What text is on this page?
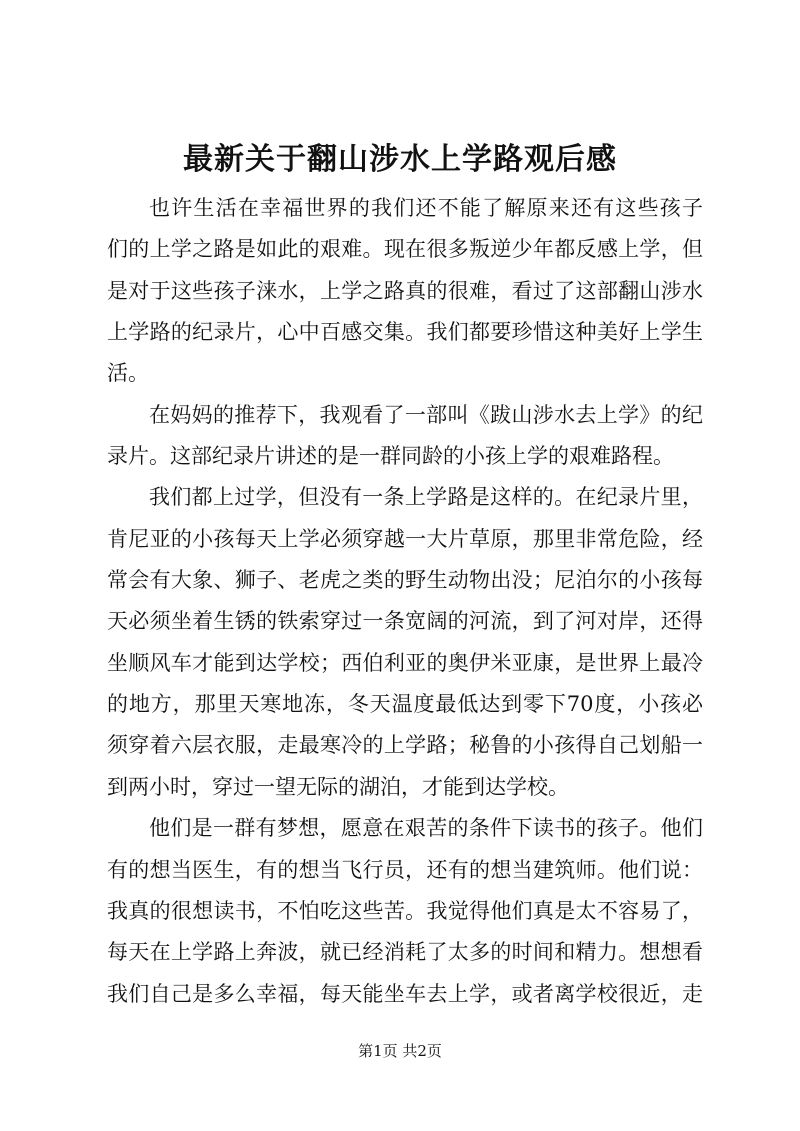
最新关于翻山涉水上学路观后感
也许生活在幸福世界的我们还不能了解原来还有这些孩子
们的上学之路是如此的艰难。现在很多叛逆少年都反感上学，但
是对于这些孩子涞水，上学之路真的很难，看过了这部翻山涉水
上学路的纪录片，心中百感交集。我们都要珍惜这种美好上学生
活。
在妈妈的推荐下，我观看了一部叫《跋山涉水去上学》的纪
录片。这部纪录片讲述的是一群同龄的小孩上学的艰难路程。
我们都上过学，但没有一条上学路是这样的。在纪录片里，
肯尼亚的小孩每天上学必须穿越一大片草原，那里非常危险，经
常会有大象、狮子、老虎之类的野生动物出没；尼泊尔的小孩每
天必须坐着生锈的铁索穿过一条宽阔的河流，到了河对岸，还得
坐顺风车才能到达学校；西伯利亚的奥伊米亚康，是世界上最冷
的地方，那里天寒地冻，冬天温度最低达到零下70度，小孩必
须穿着六层衣服，走最寒冷的上学路；秘鲁的小孩得自己划船一
到两小时，穿过一望无际的湖泊，才能到达学校。
他们是一群有梦想，愿意在艰苦的条件下读书的孩子。他们
有的想当医生，有的想当飞行员，还有的想当建筑师。他们说：
我真的很想读书，不怕吃这些苦。我觉得他们真是太不容易了，
每天在上学路上奔波，就已经消耗了太多的时间和精力。想想看
我们自己是多么幸福，每天能坐车去上学，或者离学校很近，走
第1页 共2页
